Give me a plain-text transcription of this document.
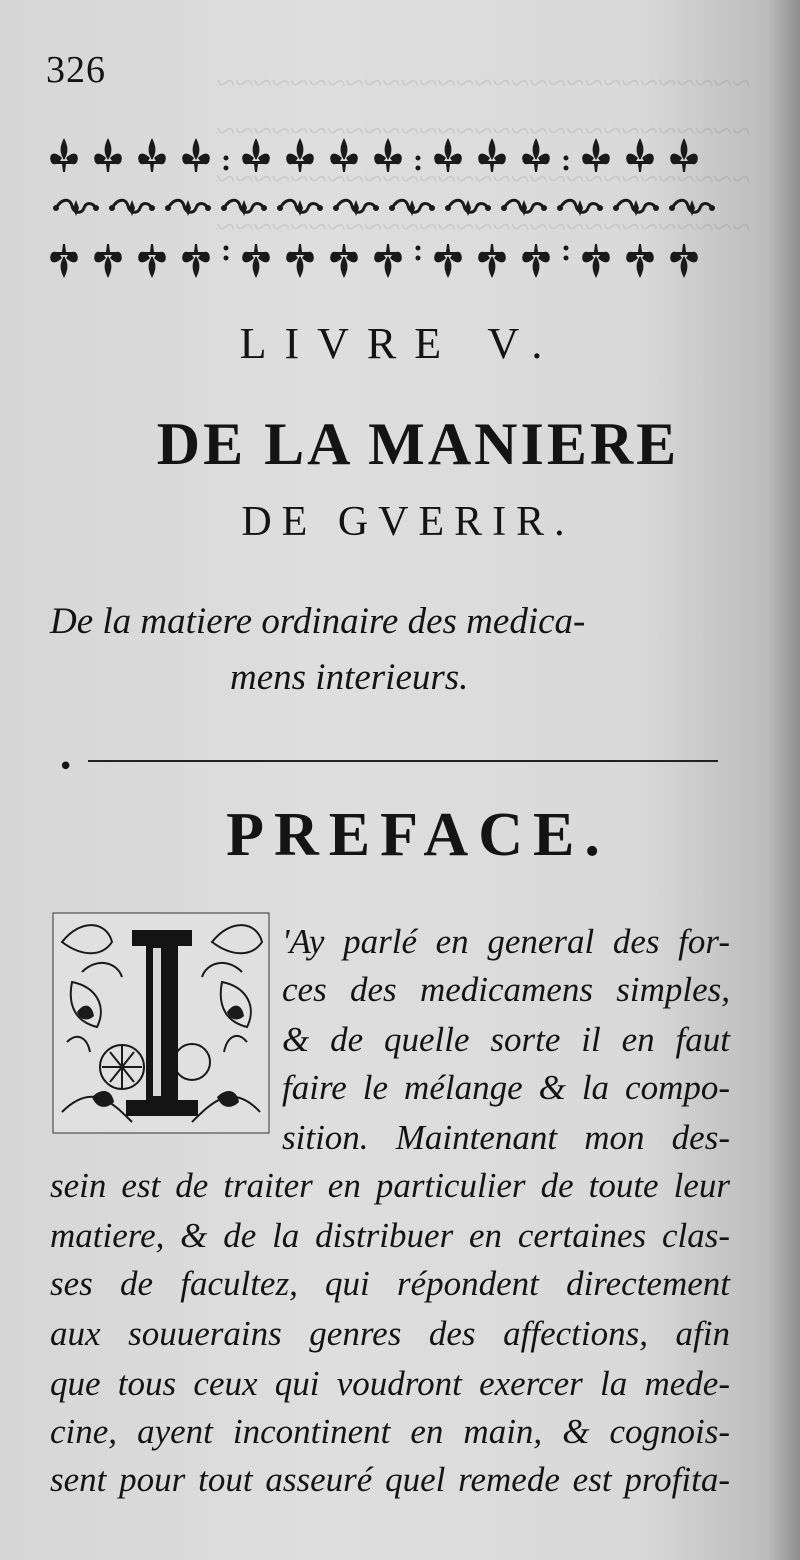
~~~~~~~~~~~~~~~~~~~~~~~~~~~~~
~~~~~~~~~~~~~~~~~~~~~~~~~~~~~
~~~~~~~~~~~~~~~~~~~~~~~~~~~~~
~~~~~~~~~~~~~~~~~~~~~~~~~~~~~
326
LIVRE V.
DE LA MANIERE
DE GVERIR.
De la matiere ordinaire des medica-
mens interieurs.
•
PREFACE.
'Ay parlé en general des for-
ces des medicamens simples,
& de quelle sorte il en faut
faire le mélange & la compo-
sition. Maintenant mon des-
sein est de traiter en particulier de toute leur
matiere, & de la distribuer en certaines clas-
ses de facultez, qui répondent directement
aux souuerains genres des affections, afin
que tous ceux qui voudront exercer la mede-
cine, ayent incontinent en main, & cognois-
sent pour tout asseuré quel remede est profita-
